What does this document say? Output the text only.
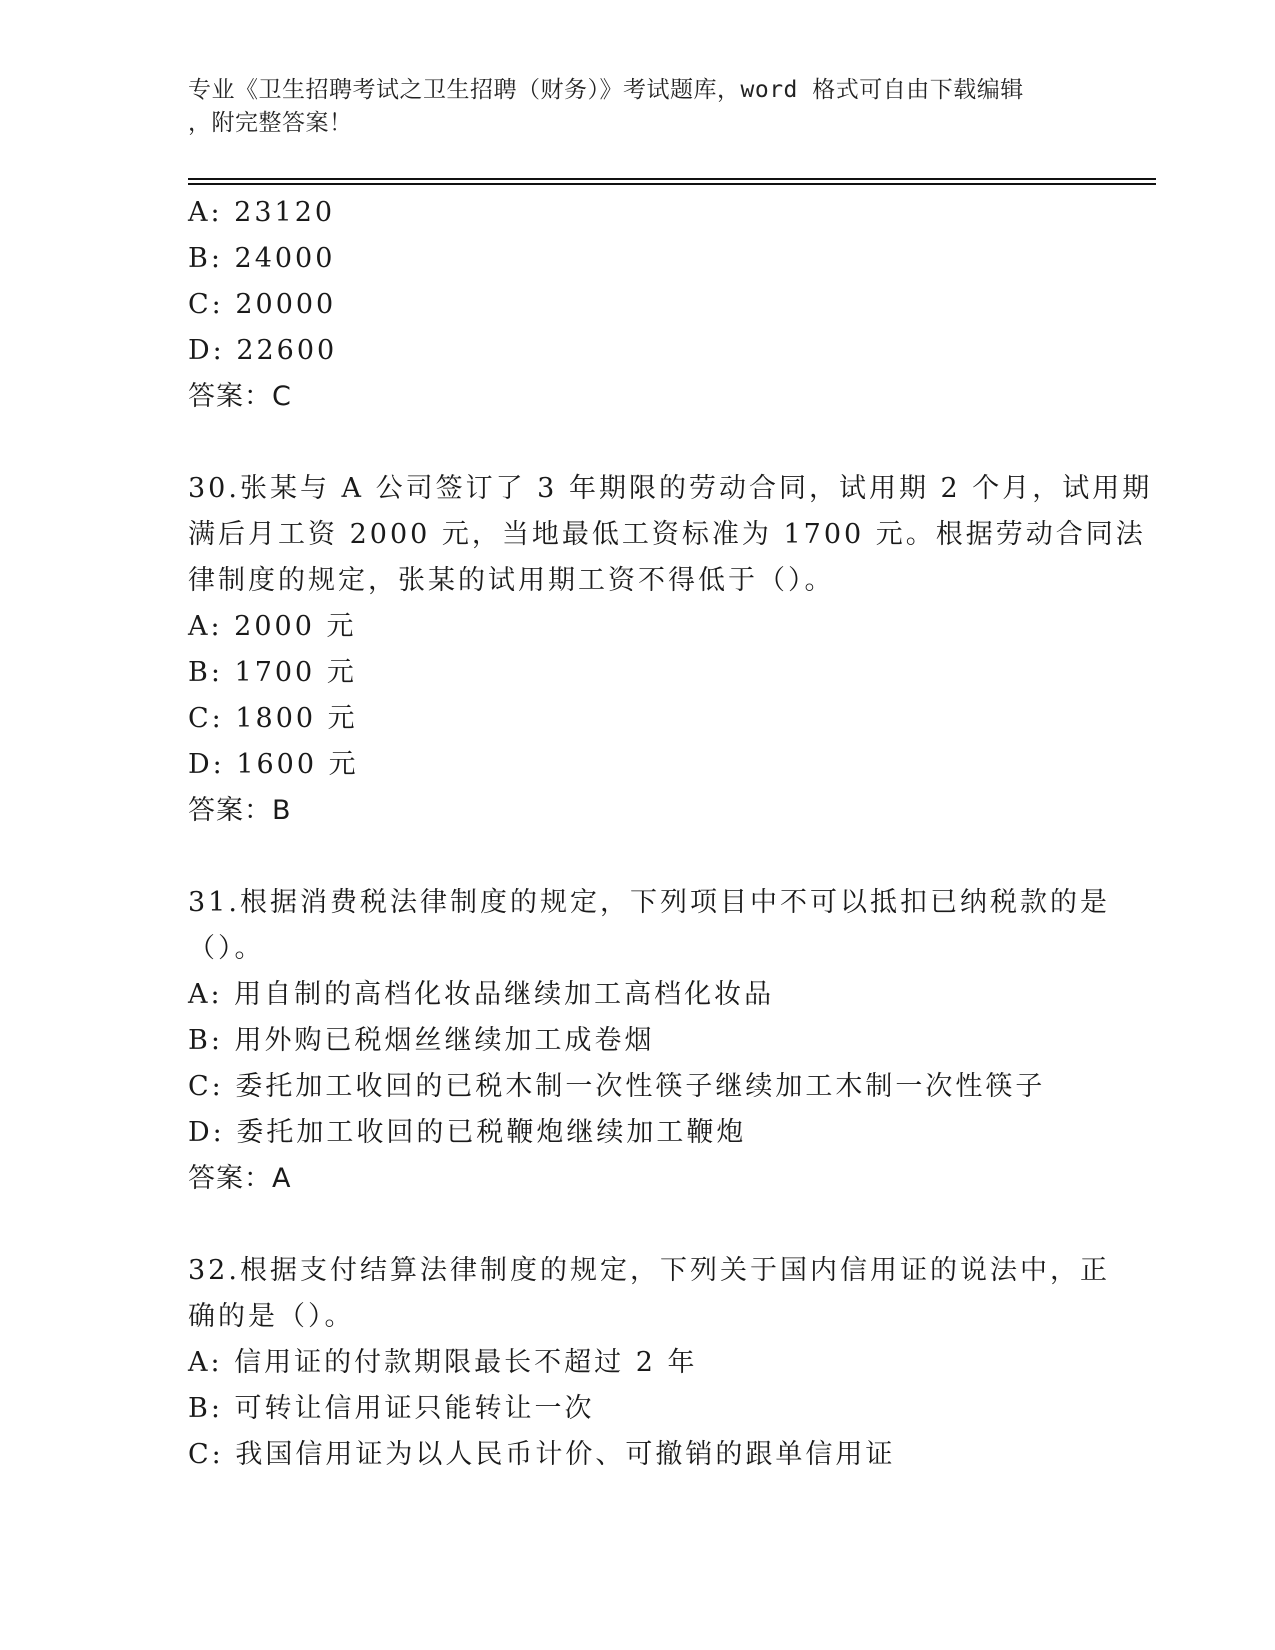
专业《卫生招聘考试之卫生招聘（财务）》考试题库，word 格式可自由下载编辑
，附完整答案！
A: 23120
B: 24000
C: 20000
D: 22600
答案：C
30.张某与 A 公司签订了 3 年期限的劳动合同，试用期 2 个月，试用期
满后月工资 2000 元，当地最低工资标准为 1700 元。根据劳动合同法
律制度的规定，张某的试用期工资不得低于（）。
A: 2000 元
B: 1700 元
C: 1800 元
D: 1600 元
答案：B
31.根据消费税法律制度的规定，下列项目中不可以抵扣已纳税款的是
（）。
A: 用自制的高档化妆品继续加工高档化妆品
B: 用外购已税烟丝继续加工成卷烟
C: 委托加工收回的已税木制一次性筷子继续加工木制一次性筷子
D: 委托加工收回的已税鞭炮继续加工鞭炮
答案：A
32.根据支付结算法律制度的规定，下列关于国内信用证的说法中，正
确的是（）。
A: 信用证的付款期限最长不超过 2 年
B: 可转让信用证只能转让一次
C: 我国信用证为以人民币计价、可撤销的跟单信用证
